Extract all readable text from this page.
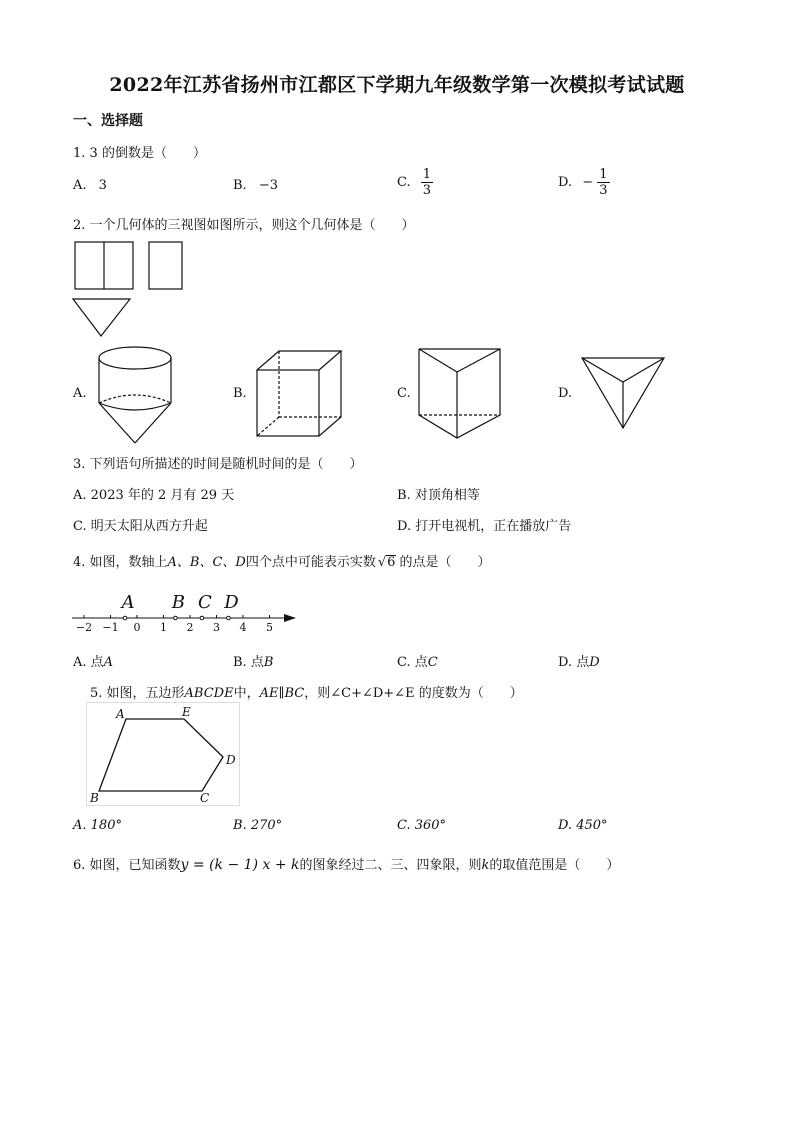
2022年江苏省扬州市江都区下学期九年级数学第一次模拟考试试题
一、选择题
1. 3 的倒数是（　　）
A. 3	B. −3	C. $\frac{1}{3}$	D. − $\frac{1}{3}$
2. 一个几何体的三视图如图所示，则这个几何体是（　　）
A.	B.	C.	D.
3. 下列语句所描述的时间是随机时间的是（　　）
A. 2023 年的 2 月有 29 天	B. 对顶角相等
C. 明天太阳从西方升起	D. 打开电视机，正在播放广告
4. 如图，数轴上A、B、C、D四个点中可能表示实数 √6 的点是（　　）
−2 −1 0 1 2 3 4 5
A B C D
A. 点A	B. 点B	C. 点C	D. 点D
5. 如图，五边形ABCDE中，AE∥BC，则∠C+∠D+∠E 的度数为（　　）
A	E
D
B	C
A. 180°	B. 270°	C. 360°	D. 450°
6. 如图，已知函数y = (k − 1) x + k的图象经过二、三、四象限，则k的取值范围是（　　）
